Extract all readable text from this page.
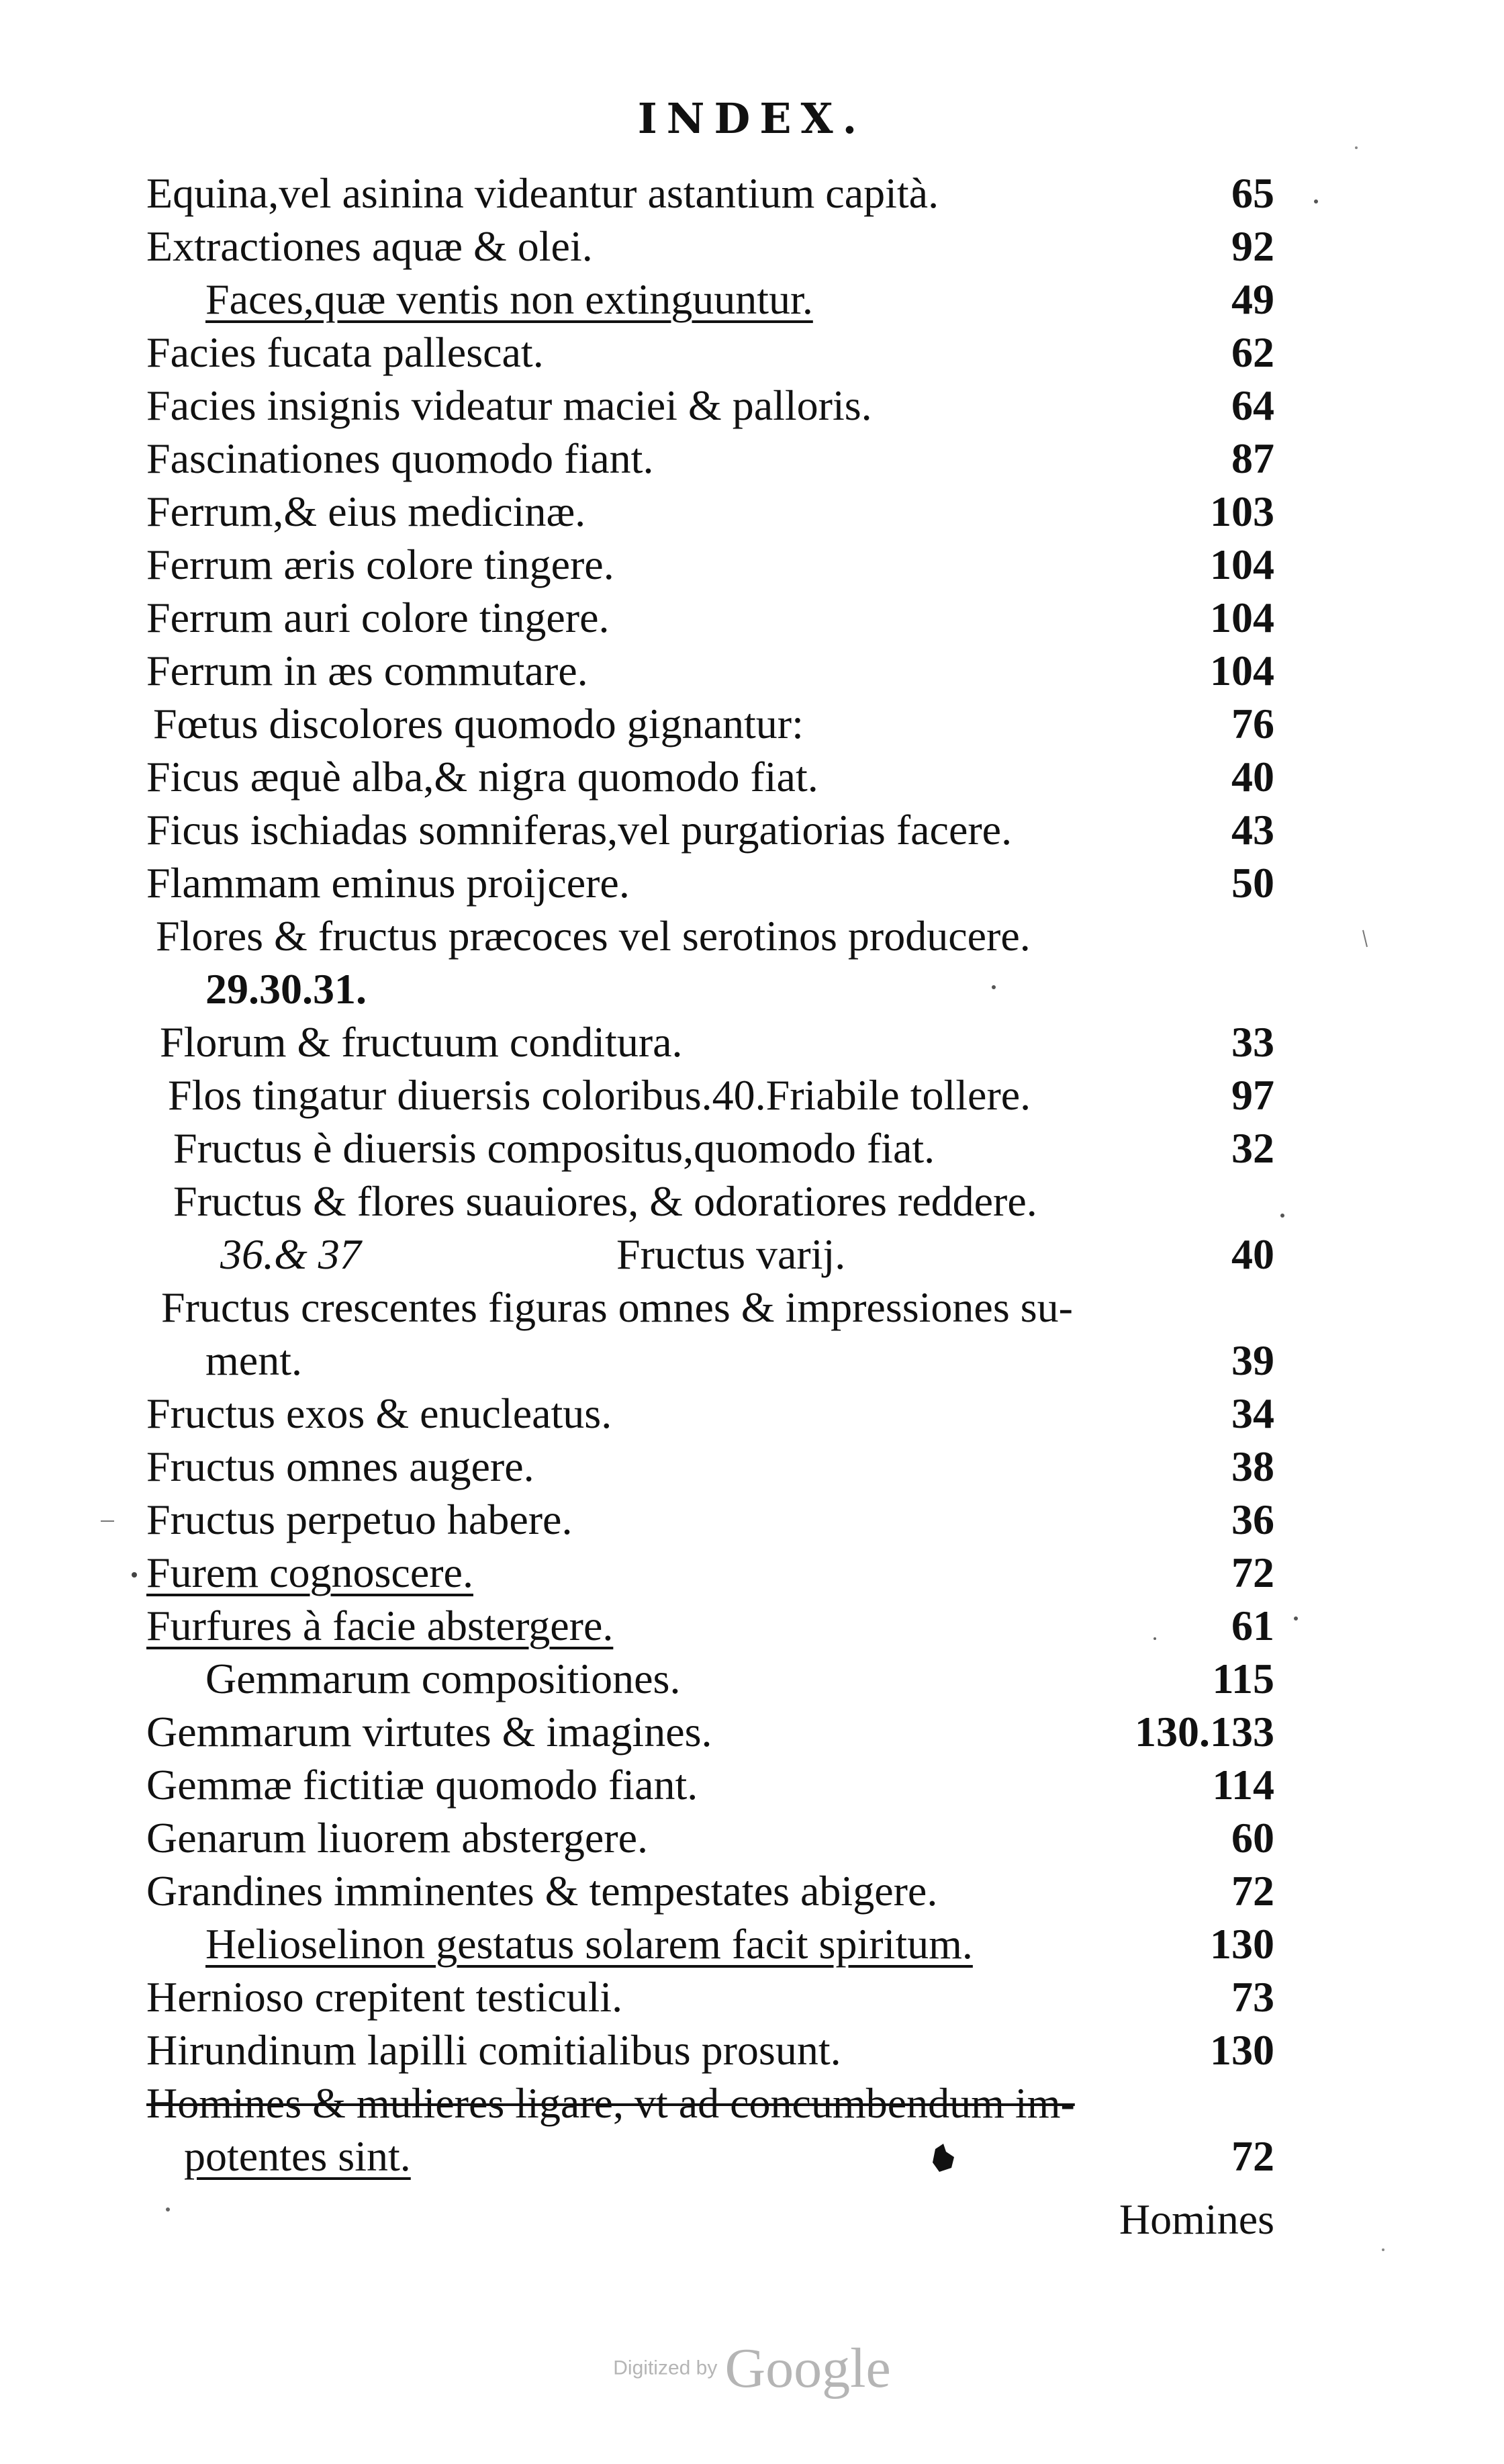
INDEX.
Equina,vel asinina videantur astantium capità.	65
Extractiones aquæ & olei.	92
Faces,quæ ventis non extinguuntur.	49
Facies fucata pallescat.	62
Facies insignis videatur maciei & palloris.	64
Fascinationes quomodo fiant.	87
Ferrum,& eius medicinæ.	103
Ferrum æris colore tingere.	104
Ferrum auri colore tingere.	104
Ferrum in æs commutare.	104
Fœtus discolores quomodo gignantur:	76
Ficus æquè alba,& nigra quomodo fiat.	40
Ficus ischiadas somniferas,vel purgatiorias facere.	43
Flammam eminus proijcere.	50
Flores & fructus præcoces vel serotinos producere.
29.30.31.
Florum & fructuum conditura.	33
Flos tingatur diuersis coloribus.40.Friabile tollere.	97
Fructus è diuersis compositus,quomodo fiat.	32
Fructus & flores suauiores, & odoratiores reddere.
36.& 37	Fructus varij.	40
Fructus crescentes figuras omnes & impressiones su-
ment.	39
Fructus exos & enucleatus.	34
Fructus omnes augere.	38
Fructus perpetuo habere.	36
Furem cognoscere.	72
Furfures à facie abstergere.	61
Gemmarum compositiones.	115
Gemmarum virtutes & imagines.	130.133
Gemmæ fictitiæ quomodo fiant.	114
Genarum liuorem abstergere.	60
Grandines imminentes & tempestates abigere.	72
Helioselinon gestatus solarem facit spiritum.	130
Hernioso crepitent testiculi.	73
Hirundinum lapilli comitialibus prosunt.	130
Homines & mulieres ligare, vt ad concumbendum im-
potentes sint.	72
Homines
Digitized by Google
